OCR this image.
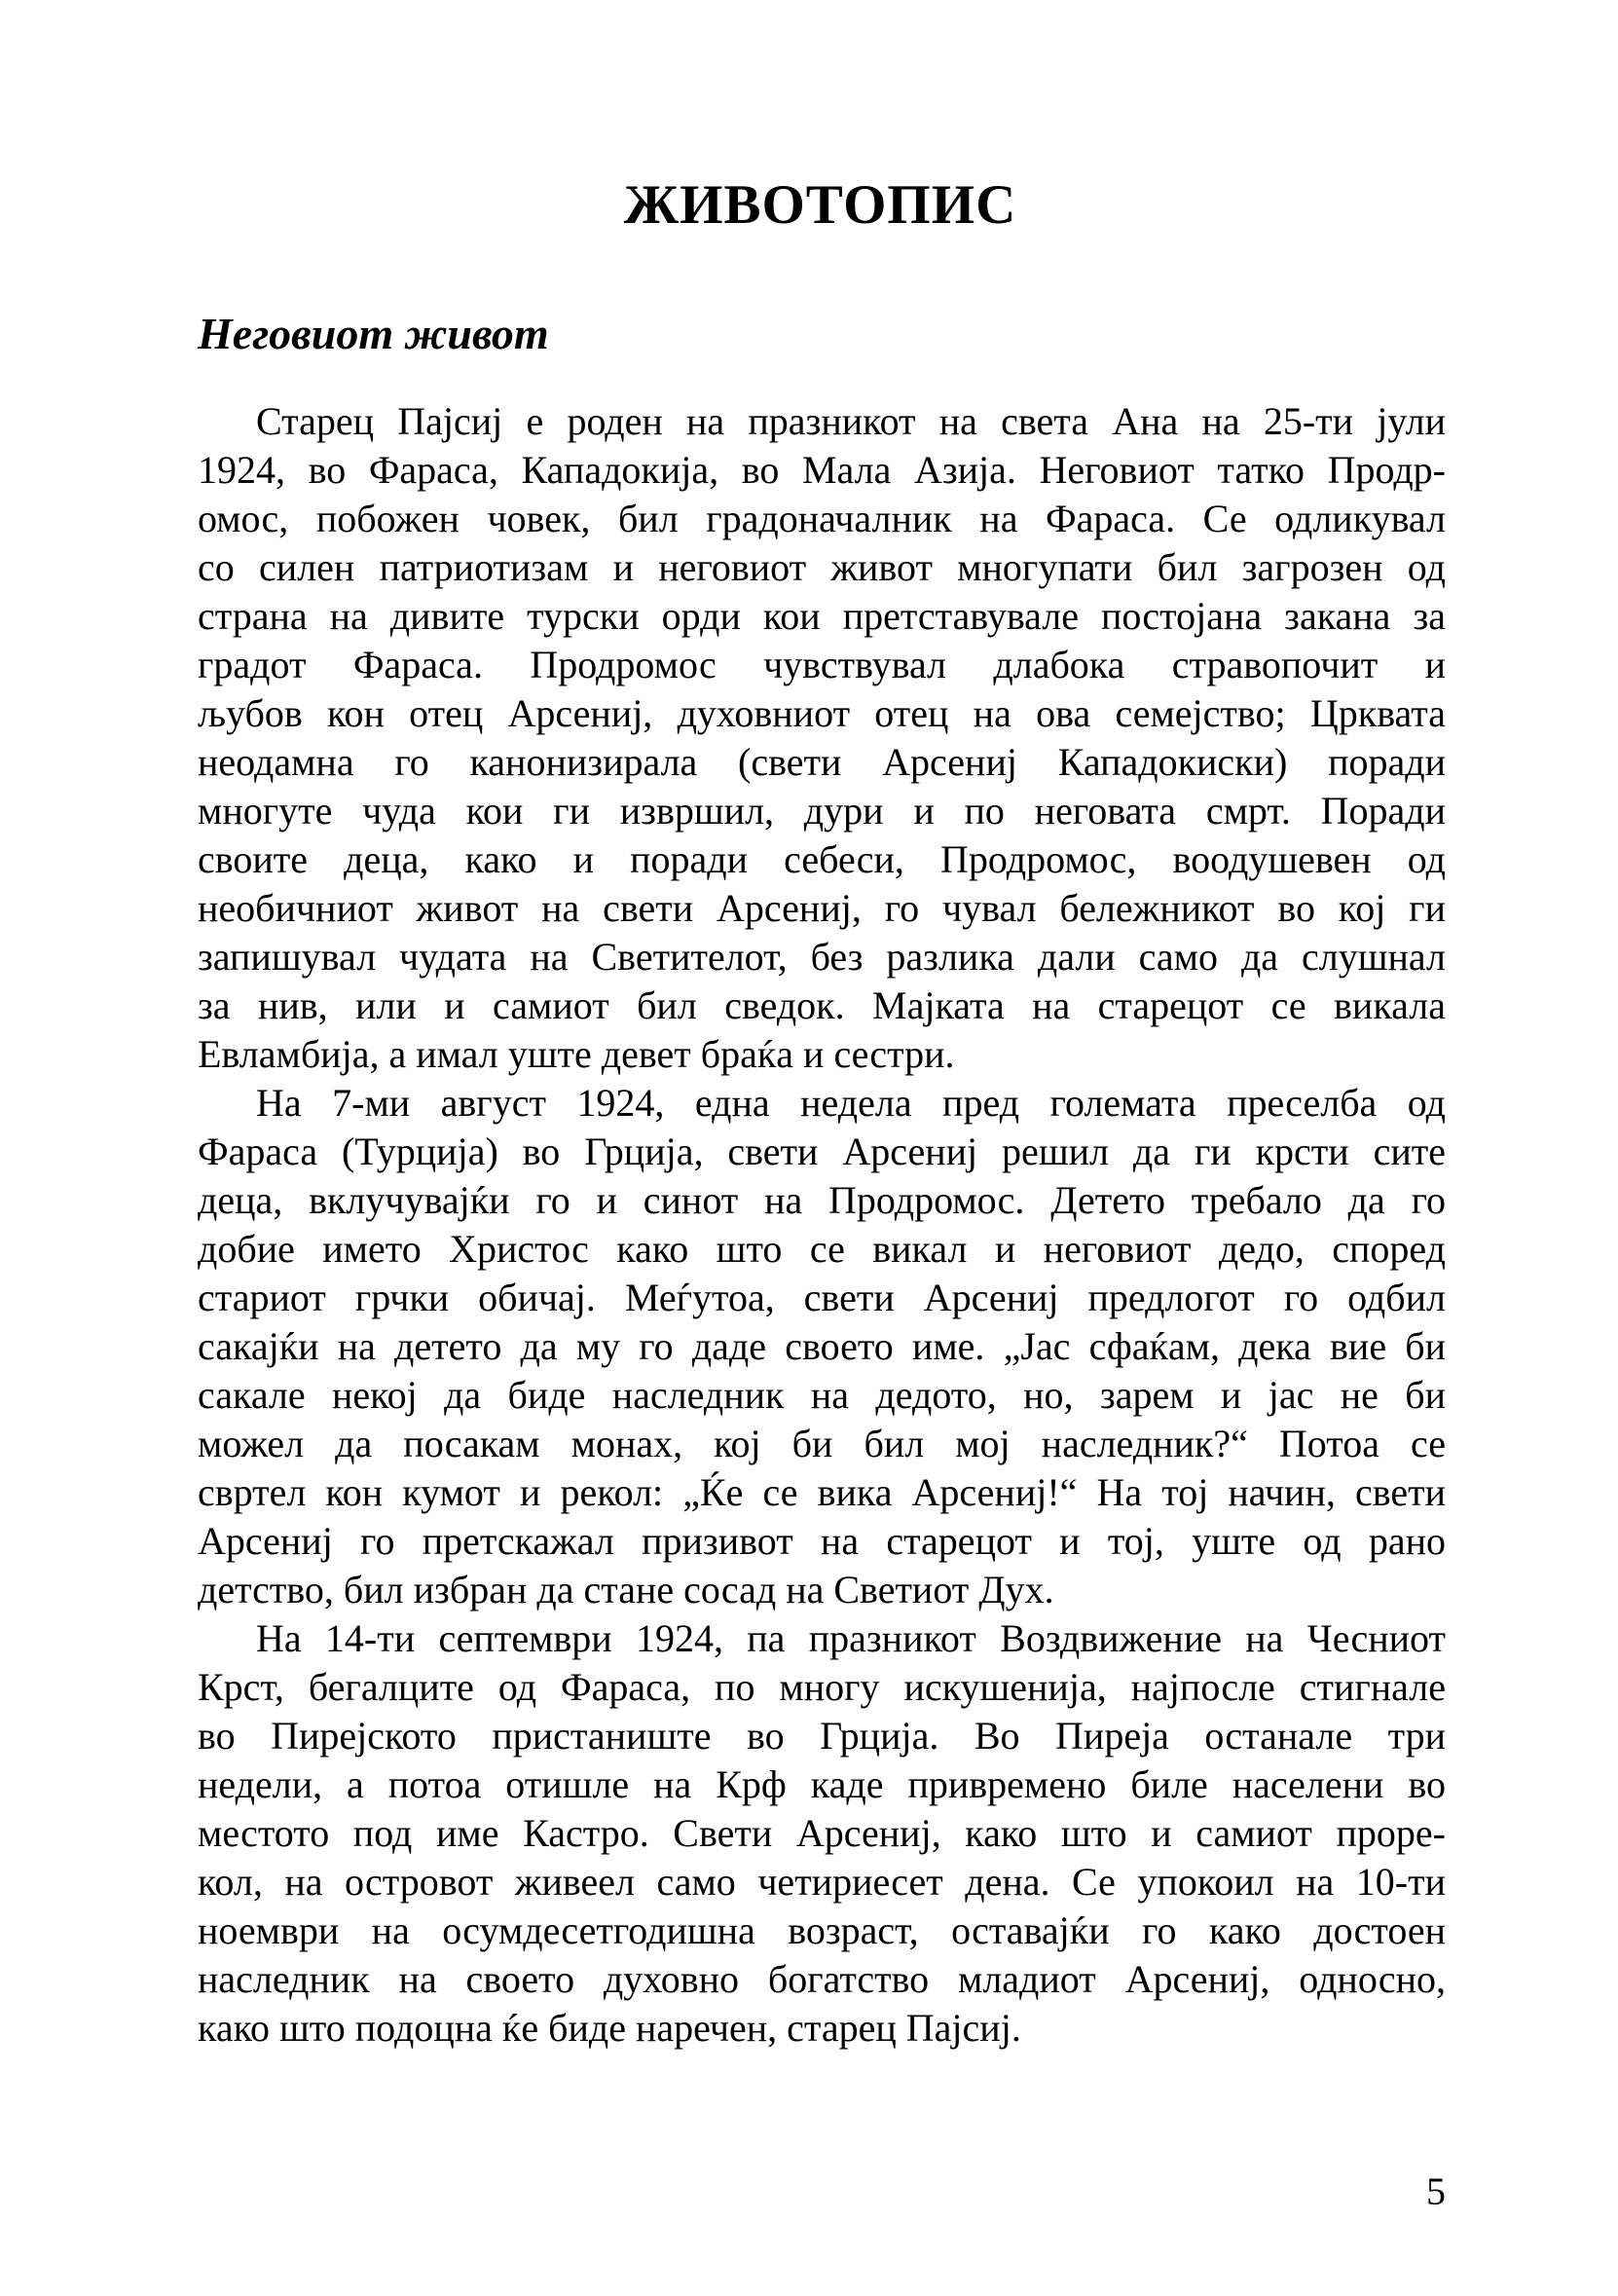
ЖИВОТОПИС
Неговиот живот
Старец Пајсиј е роден на празникот на света Ана на 25-ти јули
1924, во Фараса, Кападокија, во Мала Азија. Неговиот татко Продр-
омос, побожен човек, бил градоначалник на Фараса. Се одликувал
со силен патриотизам и неговиот живот многупати бил загрозен од
страна на дивите турски орди кои претставувале постојана закана за
градот Фараса. Продромос чувствувал длабока стравопочит и
љубов кон отец Арсениј, духовниот отец на ова семејство; Црквата
неодамна го канонизирала (свети Арсениј Кападокиски) поради
многуте чуда кои ги извршил, дури и по неговата смрт. Поради
своите деца, како и поради себеси, Продромос, воодушевен од
необичниот живот на свети Арсениј, го чувал бележникот во кој ги
запишувал чудата на Светителот, без разлика дали само да слушнал
за нив, или и самиот бил сведок. Мајката на старецот се викала
Евламбија, а имал уште девет браќа и сестри.
На 7-ми август 1924, една недела пред големата преселба од
Фараса (Турција) во Грција, свети Арсениј решил да ги крсти сите
деца, вклучувајќи го и синот на Продромос. Детето требало да го
добие името Христос како што се викал и неговиот дедо, според
стариот грчки обичај. Меѓутоа, свети Арсениј предлогот го одбил
сакајќи на детето да му го даде своето име. „Јас сфаќам, дека вие би
сакале некој да биде наследник на дедото, но, зарем и јас не би
можел да посакам монах, кој би бил мој наследник?“ Потоа се
свртел кон кумот и рекол: „Ќе се вика Арсениј!“ На тој начин, свети
Арсениј го претскажал призивот на старецот и тој, уште од рано
детство, бил избран да стане сосад на Светиот Дух.
На 14-ти септември 1924, па празникот Воздвижение на Чесниот
Крст, бегалците од Фараса, по многу искушенија, најпосле стигнале
во Пирејското пристаниште во Грција. Во Пиреја останале три
недели, а потоа отишле на Крф каде привремено биле населени во
местото под име Кастро. Свети Арсениј, како што и самиот проре-
кол, на островот живеел само четириесет дена. Се упокоил на 10-ти
ноември на осумдесетгодишна возраст, оставајќи го како достоен
наследник на своето духовно богатство младиот Арсениј, односно,
како што подоцна ќе биде наречен, старец Пајсиј.
5
